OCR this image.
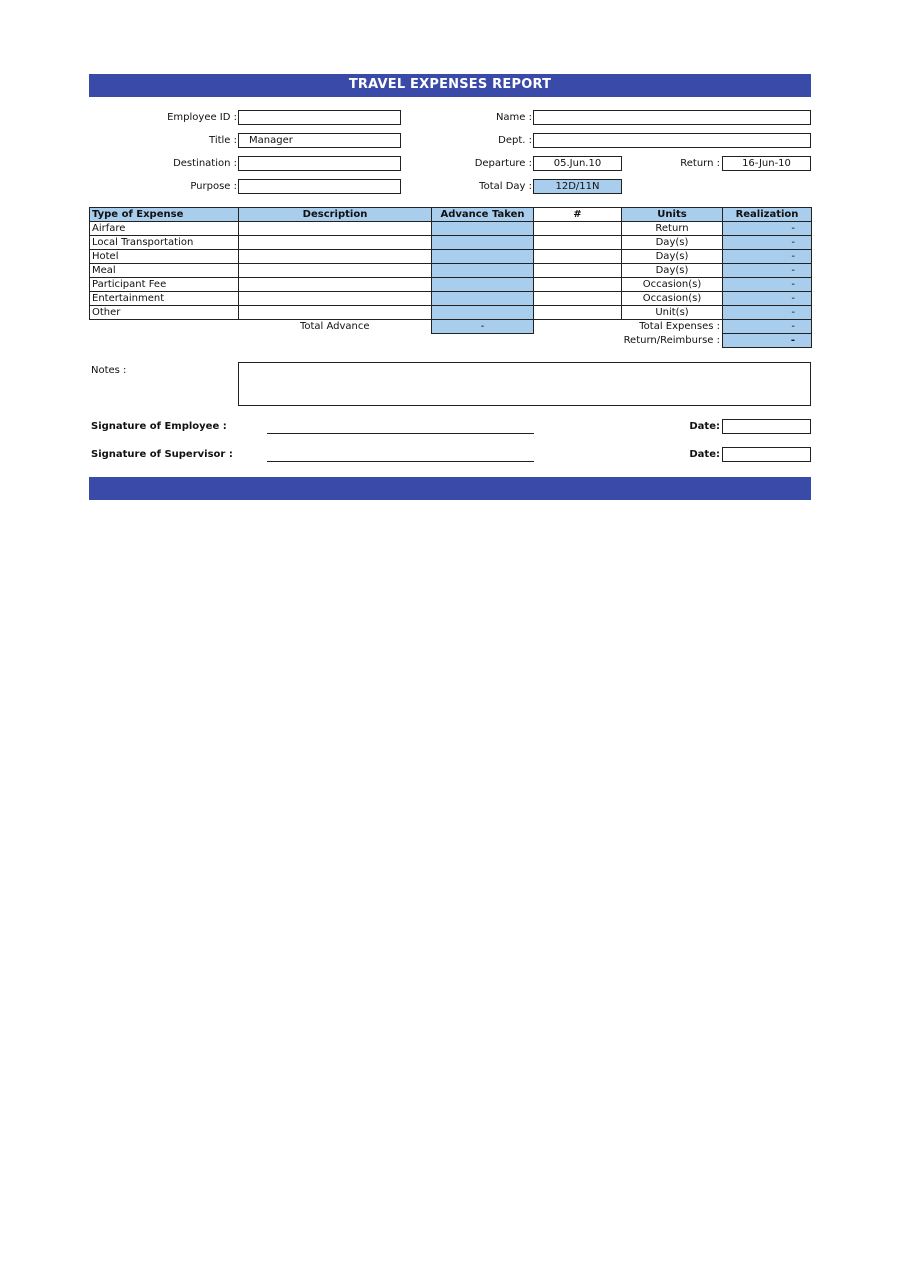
TRAVEL EXPENSES REPORT
Employee ID :	Name :
Title :	Manager	Dept. :
Destination :	Departure :	05.Jun.10	Return :	16-Jun-10
Purpose :	Total Day :	12D/11N
Type of Expense	Description	Advance Taken	#	Units	Realization
Airfare				Return	-
Local Transportation				Day(s)	-
Hotel				Day(s)	-
Meal				Day(s)	-
Participant Fee				Occasion(s)	-
Entertainment				Occasion(s)	-
Other				Unit(s)	-
	Total Advance	-		Total Expenses :	-
				Return/Reimburse :	-
Notes :
Signature of Employee :	Date:
Signature of Supervisor :	Date:
